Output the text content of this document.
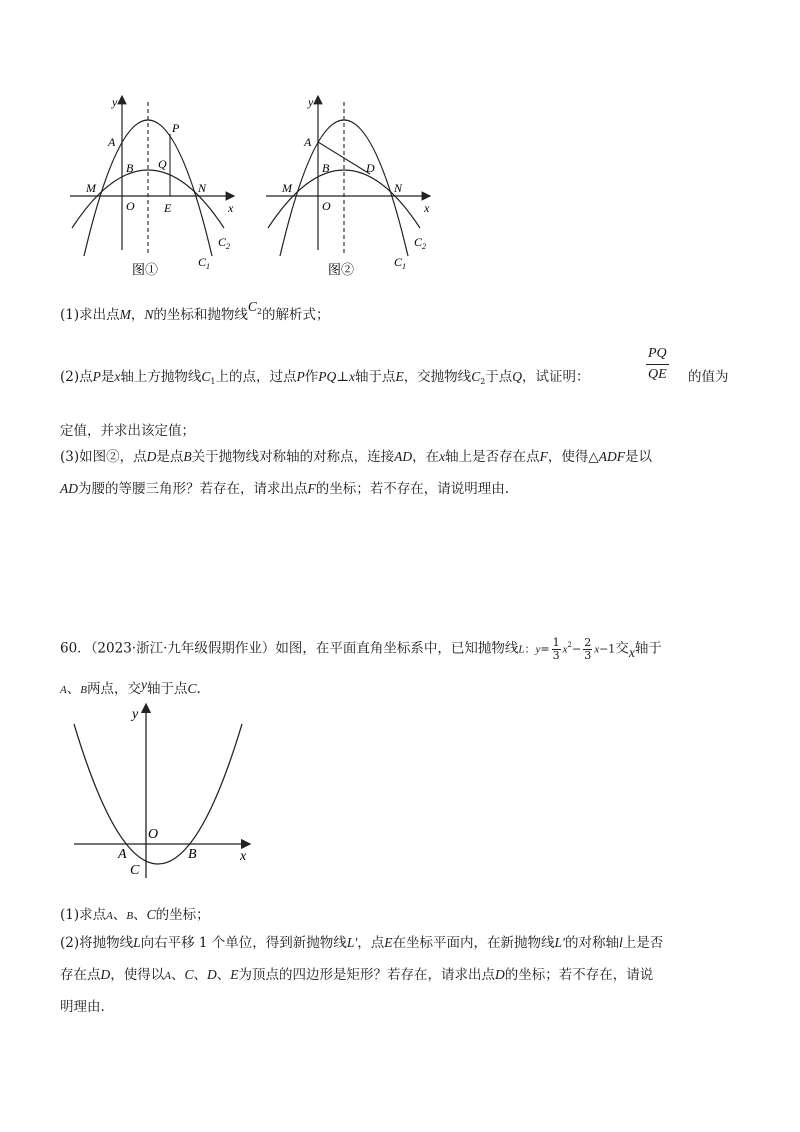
y
x
A
P
B Q
M	N
O E
$C_2$
$C_1$
图①
y
x
A
B	D
M	N
O
$C_2$
$C_1$
图②
(1)求出点M，N的坐标和抛物线$C^2$的解析式；
(2)点P是x轴上方抛物线$C_1$上的点，过点P作PQ⊥x轴于点E，交抛物线$C_2$于点Q，试证明：	$\frac{PQ}{QE}$ 的值为
定值，并求出该定值；
(3)如图②，点D是点B关于抛物线对称轴的对称点，连接AD，在x轴上是否存在点F，使得△ADF是以
AD为腰的等腰三角形？若存在，请求出点F的坐标；若不存在，请说明理由.
60．（2023·浙江·九年级假期作业）如图，在平面直角坐标系中，已知抛物线L：$y= \frac{1}{3} x^2- \frac{2}{3} x-1$交x轴于
A、B两点，交y轴于点C.
y
x
O
A	B
C
(1)求点A、B、C的坐标；
(2)将抛物线L向右平移 1 个单位，得到新抛物线L′，点E在坐标平面内，在新抛物线L′的对称轴l上是否
存在点D，使得以A、C、D、E为顶点的四边形是矩形？若存在，请求出点D的坐标；若不存在，请说
明理由.
